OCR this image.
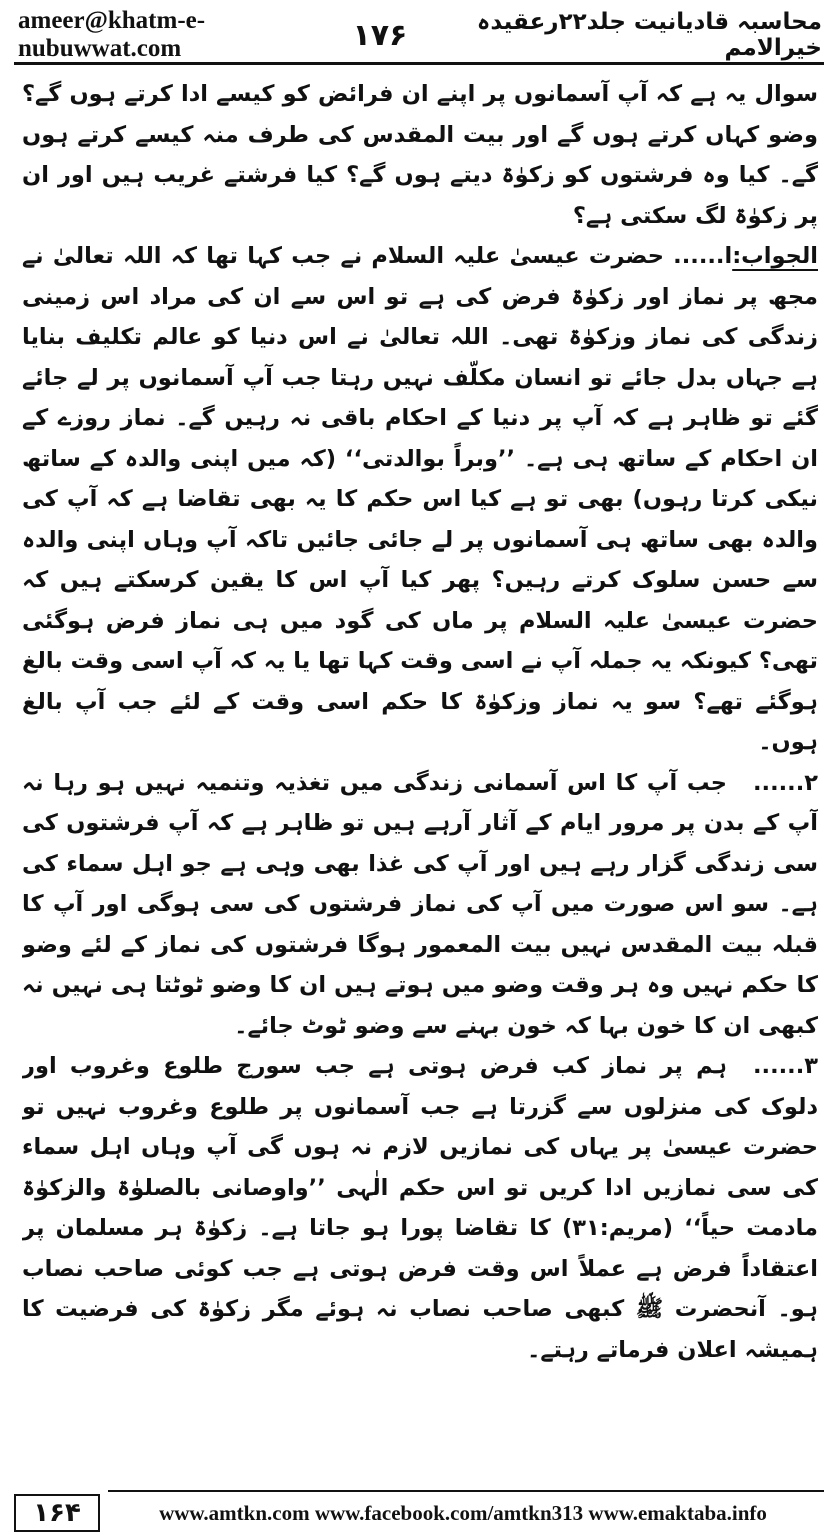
ameer@khatm-e-nubuwwat.com	۱۷۶	محاسبہ قادیانیت جلد۲۲رعقیدہ خیرالامم

سوال یہ ہے کہ آپ آسمانوں پر اپنے ان فرائض کو کیسے ادا کرتے ہوں گے؟ وضو کہاں کرتے ہوں گے اور بیت المقدس کی طرف منہ کیسے کرتے ہوں گے۔ کیا وہ فرشتوں کو زکوٰۃ دیتے ہوں گے؟ کیا فرشتے غریب ہیں اور ان پر زکوٰۃ لگ سکتی ہے؟

الجواب:ا...... حضرت عیسیٰ علیہ السلام نے جب کہا تھا کہ اللہ تعالیٰ نے مجھ پر نماز اور زکوٰۃ فرض کی ہے تو اس سے ان کی مراد اس زمینی زندگی کی نماز وزکوٰۃ تھی۔ اللہ تعالیٰ نے اس دنیا کو عالم تکلیف بنایا ہے جہاں بدل جائے تو انسان مکلّف نہیں رہتا جب آپ آسمانوں پر لے جائے گئے تو ظاہر ہے کہ آپ پر دنیا کے احکام باقی نہ رہیں گے۔ نماز روزے کے ان احکام کے ساتھ ہی ہے۔ ’’وبراً بوالدتی‘‘ (کہ میں اپنی والدہ کے ساتھ نیکی کرتا رہوں) بھی تو ہے کیا اس حکم کا یہ بھی تقاضا ہے کہ آپ کی والدہ بھی ساتھ ہی آسمانوں پر لے جائی جائیں تاکہ آپ وہاں اپنی والدہ سے حسن سلوک کرتے رہیں؟ پھر کیا آپ اس کا یقین کرسکتے ہیں کہ حضرت عیسیٰ علیہ السلام پر ماں کی گود میں ہی نماز فرض ہوگئی تھی؟ کیونکہ یہ جملہ آپ نے اسی وقت کہا تھا یا یہ کہ آپ اسی وقت بالغ ہوگئے تھے؟ سو یہ نماز وزکوٰۃ کا حکم اسی وقت کے لئے جب آپ بالغ ہوں۔

۲......جب آپ کا اس آسمانی زندگی میں تغذیہ وتنمیہ نہیں ہو رہا نہ آپ کے بدن پر مرور ایام کے آثار آرہے ہیں تو ظاہر ہے کہ آپ فرشتوں کی سی زندگی گزار رہے ہیں اور آپ کی غذا بھی وہی ہے جو اہل سماء کی ہے۔ سو اس صورت میں آپ کی نماز فرشتوں کی سی ہوگی اور آپ کا قبلہ بیت المقدس نہیں بیت المعمور ہوگا فرشتوں کی نماز کے لئے وضو کا حکم نہیں وہ ہر وقت وضو میں ہوتے ہیں ان کا وضو ٹوٹتا ہی نہیں نہ کبھی ان کا خون بہا کہ خون بہنے سے وضو ٹوٹ جائے۔

۳......ہم پر نماز کب فرض ہوتی ہے جب سورج طلوع وغروب اور دلوک کی منزلوں سے گزرتا ہے جب آسمانوں پر طلوع وغروب نہیں تو حضرت عیسیٰ پر یہاں کی نمازیں لازم نہ ہوں گی آپ وہاں اہل سماء کی سی نمازیں ادا کریں تو اس حکم الٰہی ’’واوصانی بالصلوٰۃ والزکوٰۃ مادمت حیاً‘‘ (مریم:۳۱) کا تقاضا پورا ہو جاتا ہے۔ زکوٰۃ ہر مسلمان پر اعتقاداً فرض ہے عملاً اس وقت فرض ہوتی ہے جب کوئی صاحب نصاب ہو۔ آنحضرت ﷺ کبھی صاحب نصاب نہ ہوئے مگر زکوٰۃ کی فرضیت کا ہمیشہ اعلان فرماتے رہتے۔

۱۶۴	www.amtkn.com www.facebook.com/amtkn313 www.emaktaba.info
